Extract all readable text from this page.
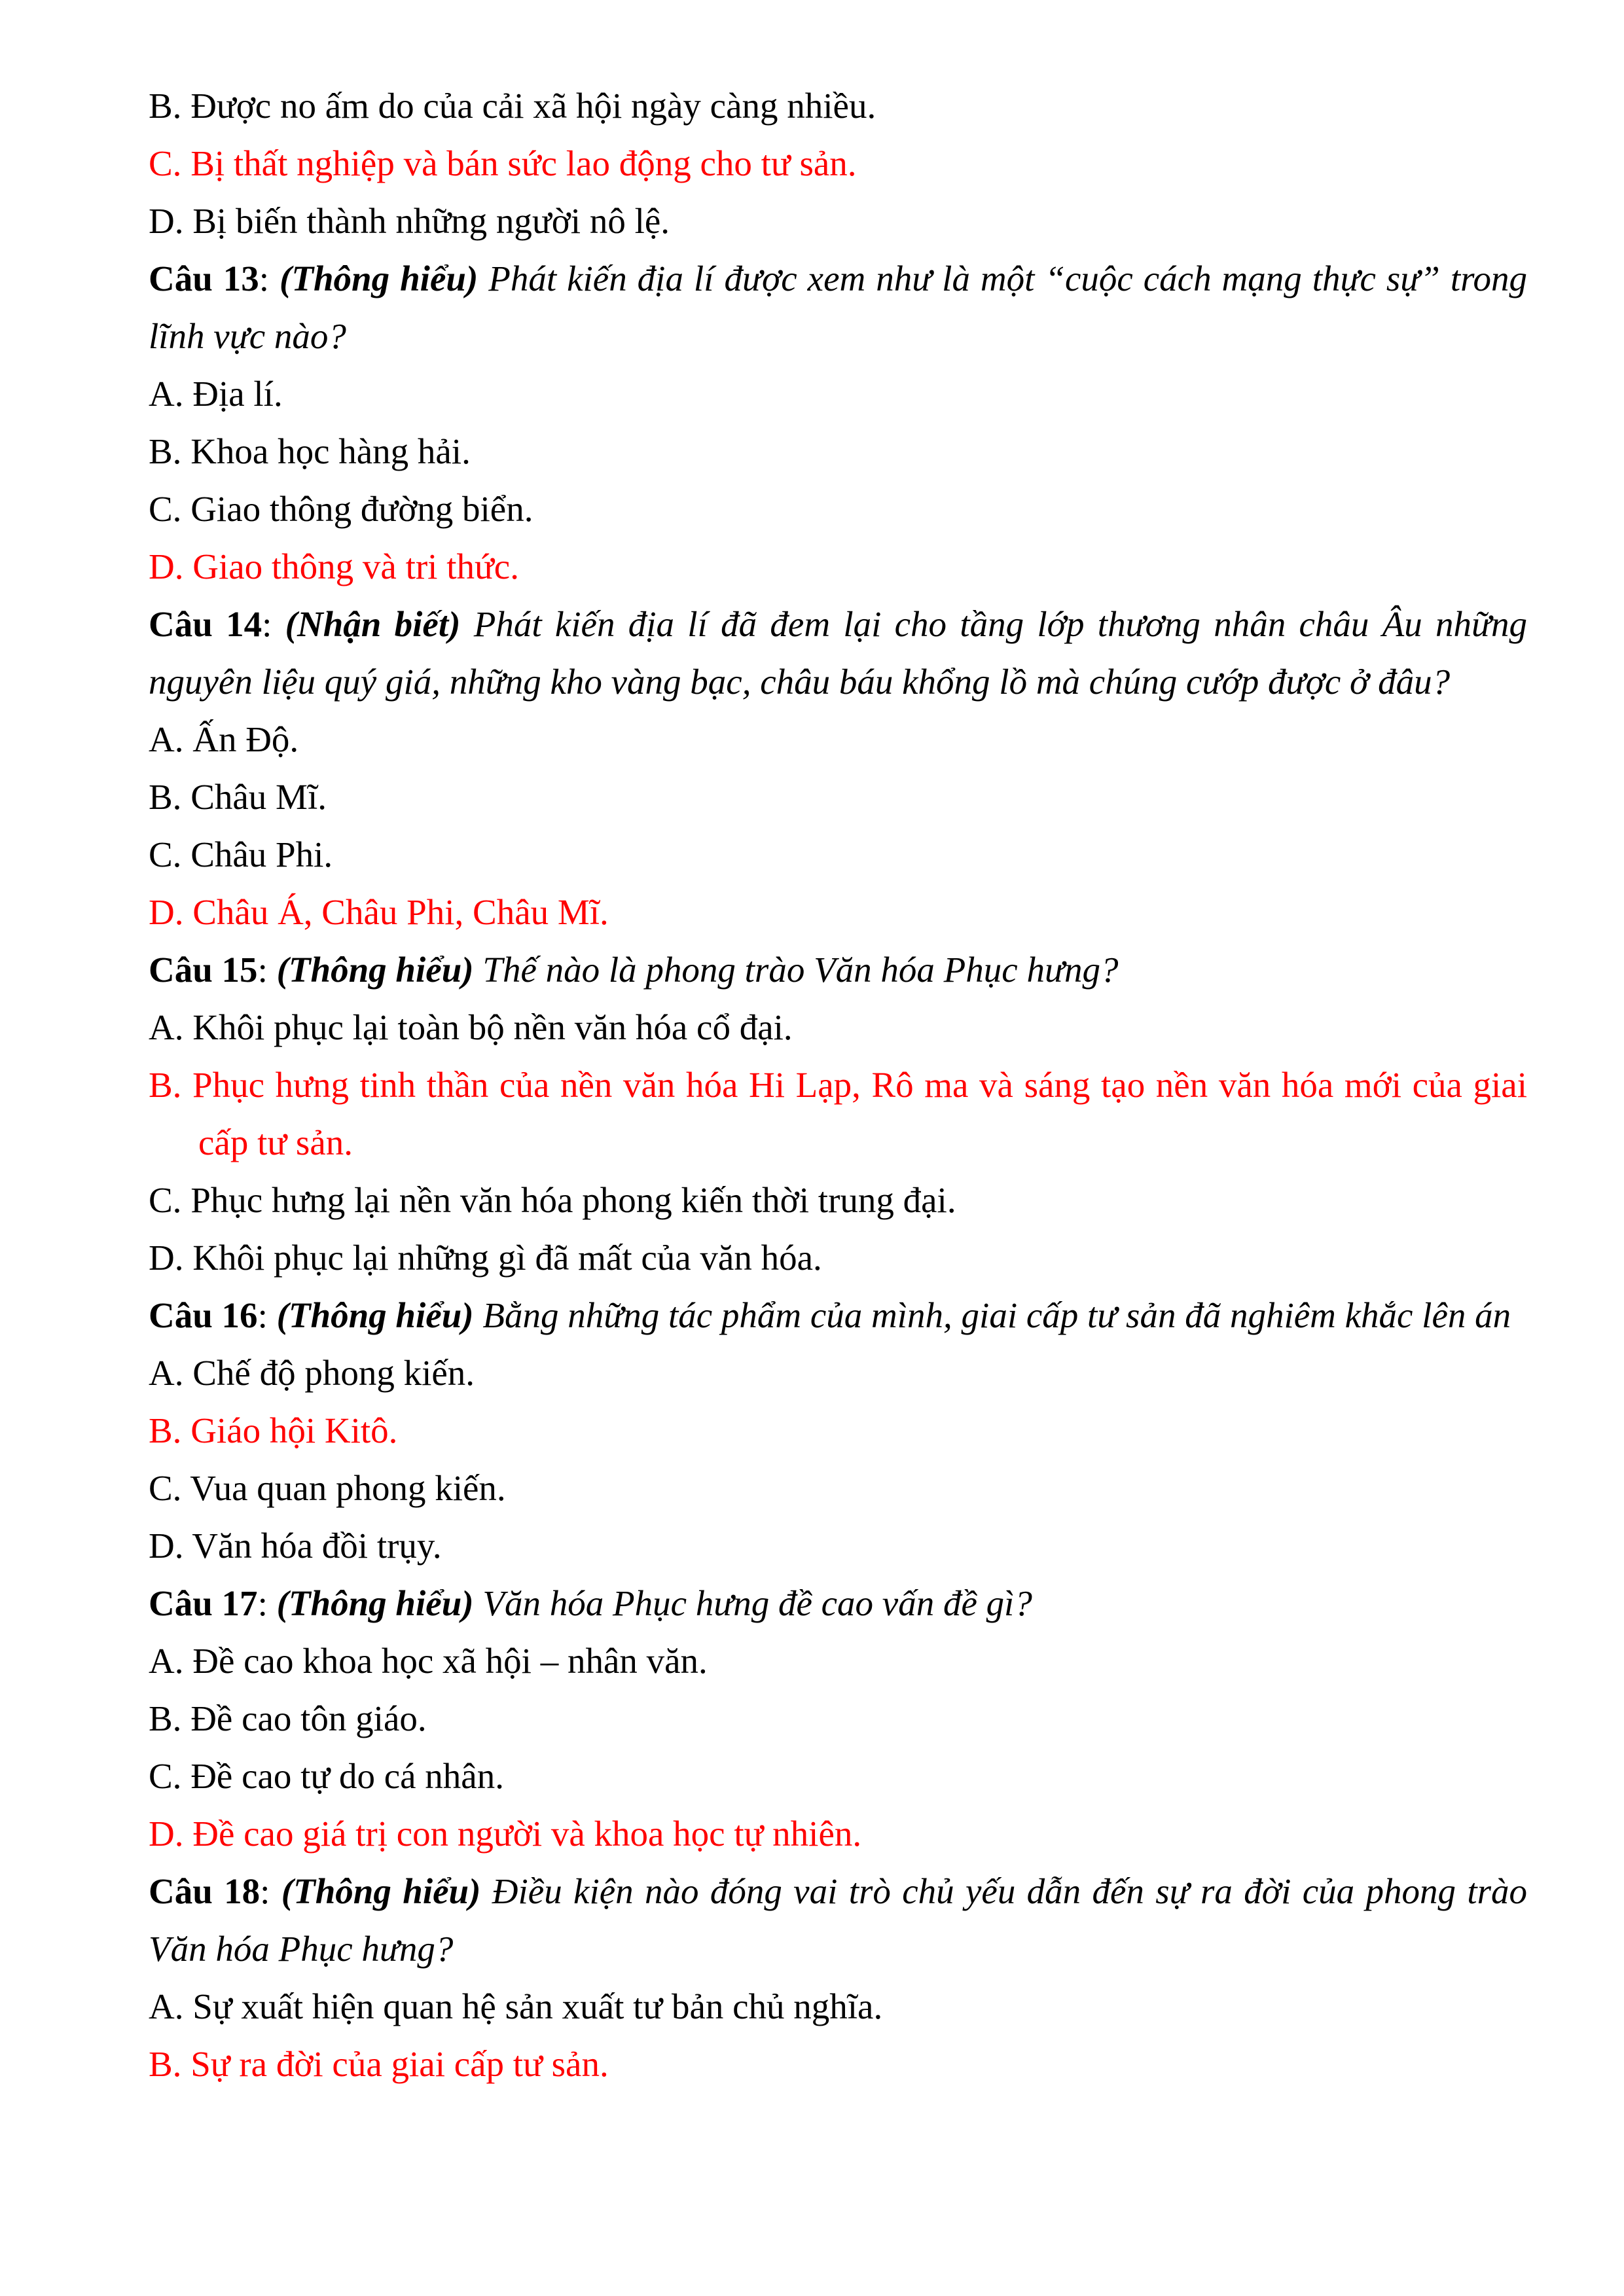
B. Được no ấm do của cải xã hội ngày càng nhiều.

C. Bị thất nghiệp và bán sức lao động cho tư sản.

D. Bị biến thành những người nô lệ.

Câu 13: (Thông hiểu) Phát kiến địa lí được xem như là một “cuộc cách mạng thực sự” trong lĩnh vực nào?

A. Địa lí.

B. Khoa học hàng hải.

C. Giao thông đường biển.

D. Giao thông và tri thức.

Câu 14: (Nhận biết) Phát kiến địa lí đã đem lại cho tầng lớp thương nhân châu Âu những nguyên liệu quý giá, những kho vàng bạc, châu báu khổng lồ mà chúng cướp được ở đâu?

A. Ấn Độ.

B. Châu Mĩ.

C. Châu Phi.

D. Châu Á, Châu Phi, Châu Mĩ.

Câu 15: (Thông hiểu) Thế nào là phong trào Văn hóa Phục hưng?

A. Khôi phục lại toàn bộ nền văn hóa cổ đại.

B. Phục hưng tinh thần của nền văn hóa Hi Lạp, Rô ma và sáng tạo nền văn hóa mới của giai cấp tư sản.

C. Phục hưng lại nền văn hóa phong kiến thời trung đại.

D. Khôi phục lại những gì đã mất của văn hóa.

Câu 16: (Thông hiểu) Bằng những tác phẩm của mình, giai cấp tư sản đã nghiêm khắc lên án

A. Chế độ phong kiến.

B. Giáo hội Kitô.

C. Vua quan phong kiến.

D. Văn hóa đồi trụy.

Câu 17: (Thông hiểu) Văn hóa Phục hưng đề cao vấn đề gì?

A. Đề cao khoa học xã hội – nhân văn.

B. Đề cao tôn giáo.

C. Đề cao tự do cá nhân.

D. Đề cao giá trị con người và khoa học tự nhiên.

Câu 18: (Thông hiểu) Điều kiện nào đóng vai trò chủ yếu dẫn đến sự ra đời của phong trào Văn hóa Phục hưng?

A. Sự xuất hiện quan hệ sản xuất tư bản chủ nghĩa.

B. Sự ra đời của giai cấp tư sản.
